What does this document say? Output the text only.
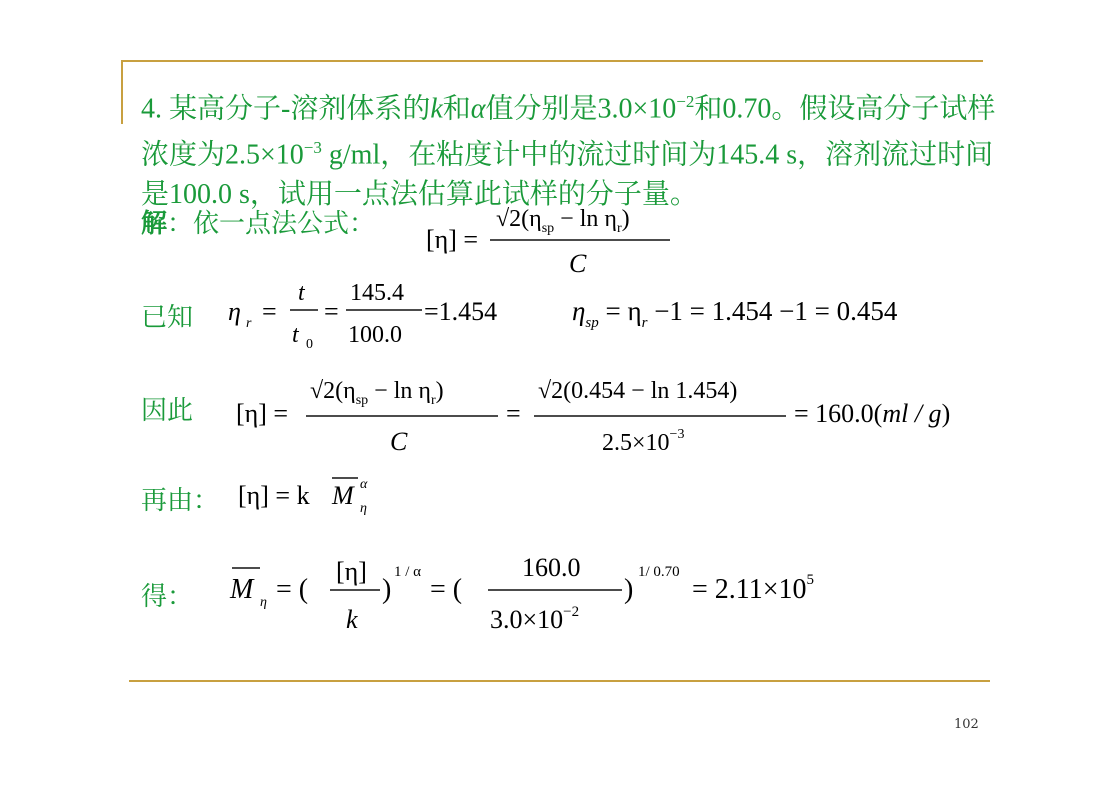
4. 某高分子-溶剂体系的k和α值分别是$3.0\times 10^{-2}$和0.70。假设高分子试样浓度为$2.5\times 10^{-3}$ g/ml，在粘度计中的流过时间为145.4 s，溶剂流过时间是100.0 s，试用一点法估算此试样的分子量。
解：依一点法公式：
[η] =
$√2(\eta_{sp} - \ln \eta_r)$
C
已知 η r =
t
t 0
=
145.4
100.0
=1.454	$\eta_{sp} = \eta_r -1 = 1.454 -1 = 0.454$
因此 [η] =
$√2(\eta_{sp} - \ln \eta_r)$
C
=
√2(0.454 − ln 1.454)
$2.5\times 10^{-3}$
= 160.0(ml / g)
再由： [η] = k M α
η
得： M η = (
[η]
k
)
1 / α
= (
160.0
$3.0\times 10^{-2}$
)
1/ 0.70
= $2.11\times 10^5$
102
